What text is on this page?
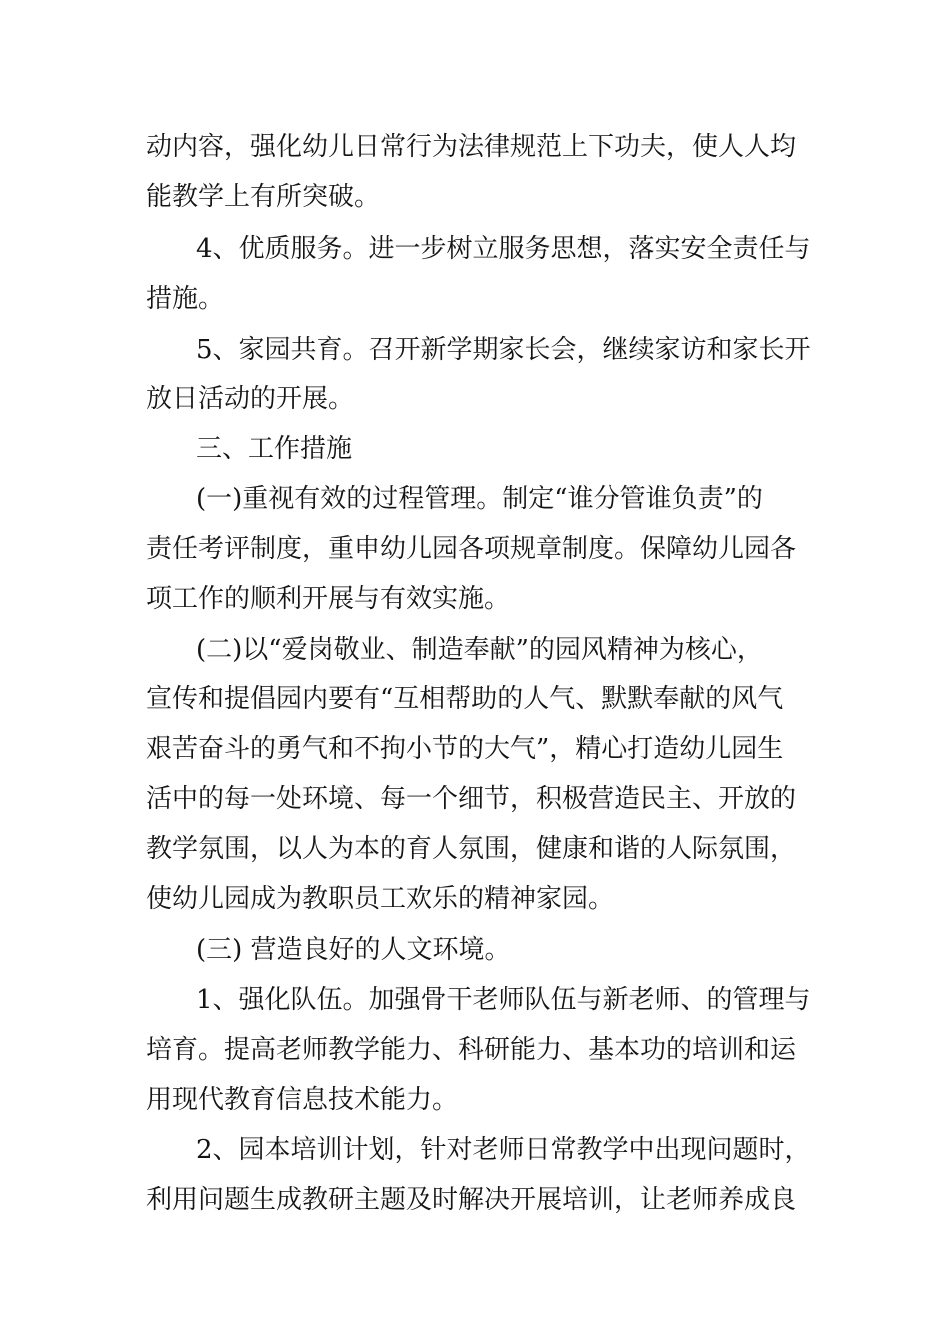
动内容，强化幼儿日常行为法律规范上下功夫，使人人均
能教学上有所突破。
4、优质服务。进一步树立服务思想，落实安全责任与
措施。
5、家园共育。召开新学期家长会，继续家访和家长开
放日活动的开展。
三、工作措施
(一)重视有效的过程管理。制定“谁分管谁负责”的
责任考评制度，重申幼儿园各项规章制度。保障幼儿园各
项工作的顺利开展与有效实施。
(二)以“爱岗敬业、制造奉献”的园风精神为核心，
宣传和提倡园内要有“互相帮助的人气、默默奉献的风气
艰苦奋斗的勇气和不拘小节的大气”，精心打造幼儿园生
活中的每一处环境、每一个细节，积极营造民主、开放的
教学氛围，以人为本的育人氛围，健康和谐的人际氛围，
使幼儿园成为教职员工欢乐的精神家园。
(三) 营造良好的人文环境。
1、强化队伍。加强骨干老师队伍与新老师、的管理与
培育。提高老师教学能力、科研能力、基本功的培训和运
用现代教育信息技术能力。
2、园本培训计划，针对老师日常教学中出现问题时，
利用问题生成教研主题及时解决开展培训，让老师养成良
